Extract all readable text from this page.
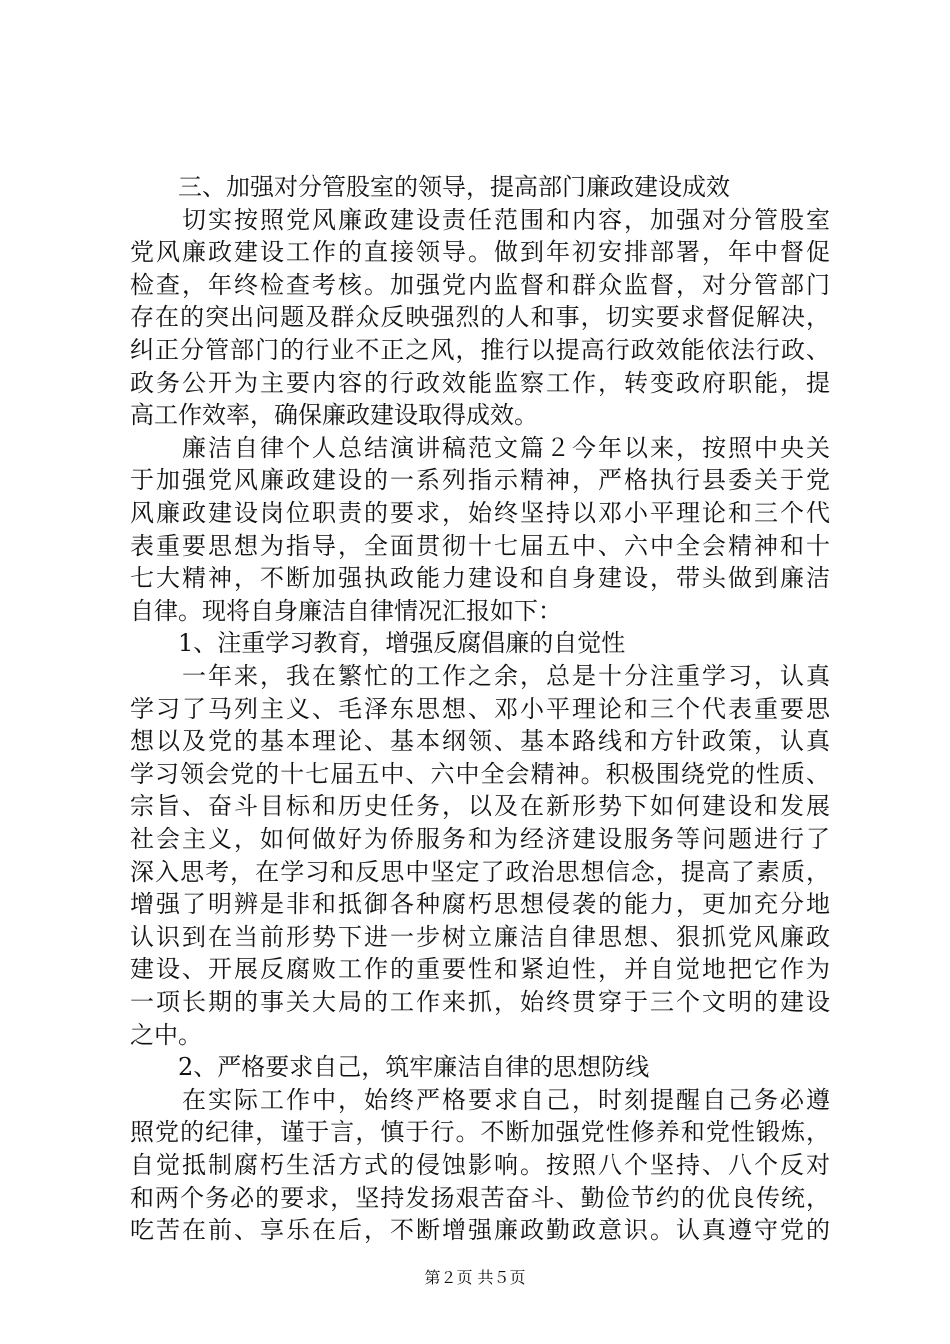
　　三、加强对分管股室的领导，提高部门廉政建设成效
　　切实按照党风廉政建设责任范围和内容，加强对分管股室
党风廉政建设工作的直接领导。做到年初安排部署，年中督促
检查，年终检查考核。加强党内监督和群众监督，对分管部门
存在的突出问题及群众反映强烈的人和事，切实要求督促解决，
纠正分管部门的行业不正之风，推行以提高行政效能依法行政、
政务公开为主要内容的行政效能监察工作，转变政府职能，提
高工作效率，确保廉政建设取得成效。
　　廉洁自律个人总结演讲稿范文篇２今年以来，按照中央关
于加强党风廉政建设的一系列指示精神，严格执行县委关于党
风廉政建设岗位职责的要求，始终坚持以邓小平理论和三个代
表重要思想为指导，全面贯彻十七届五中、六中全会精神和十
七大精神，不断加强执政能力建设和自身建设，带头做到廉洁
自律。现将自身廉洁自律情况汇报如下：
　　1、注重学习教育，增强反腐倡廉的自觉性
　　一年来，我在繁忙的工作之余，总是十分注重学习，认真
学习了马列主义、毛泽东思想、邓小平理论和三个代表重要思
想以及党的基本理论、基本纲领、基本路线和方针政策，认真
学习领会党的十七届五中、六中全会精神。积极围绕党的性质、
宗旨、奋斗目标和历史任务，以及在新形势下如何建设和发展
社会主义，如何做好为侨服务和为经济建设服务等问题进行了
深入思考，在学习和反思中坚定了政治思想信念，提高了素质，
增强了明辨是非和抵御各种腐朽思想侵袭的能力，更加充分地
认识到在当前形势下进一步树立廉洁自律思想、狠抓党风廉政
建设、开展反腐败工作的重要性和紧迫性，并自觉地把它作为
一项长期的事关大局的工作来抓，始终贯穿于三个文明的建设
之中。
　　2、严格要求自己，筑牢廉洁自律的思想防线
　　在实际工作中，始终严格要求自己，时刻提醒自己务必遵
照党的纪律，谨于言，慎于行。不断加强党性修养和党性锻炼，
自觉抵制腐朽生活方式的侵蚀影响。按照八个坚持、八个反对
和两个务必的要求，坚持发扬艰苦奋斗、勤俭节约的优良传统，
吃苦在前、享乐在后，不断增强廉政勤政意识。认真遵守党的
第２页 共５页
